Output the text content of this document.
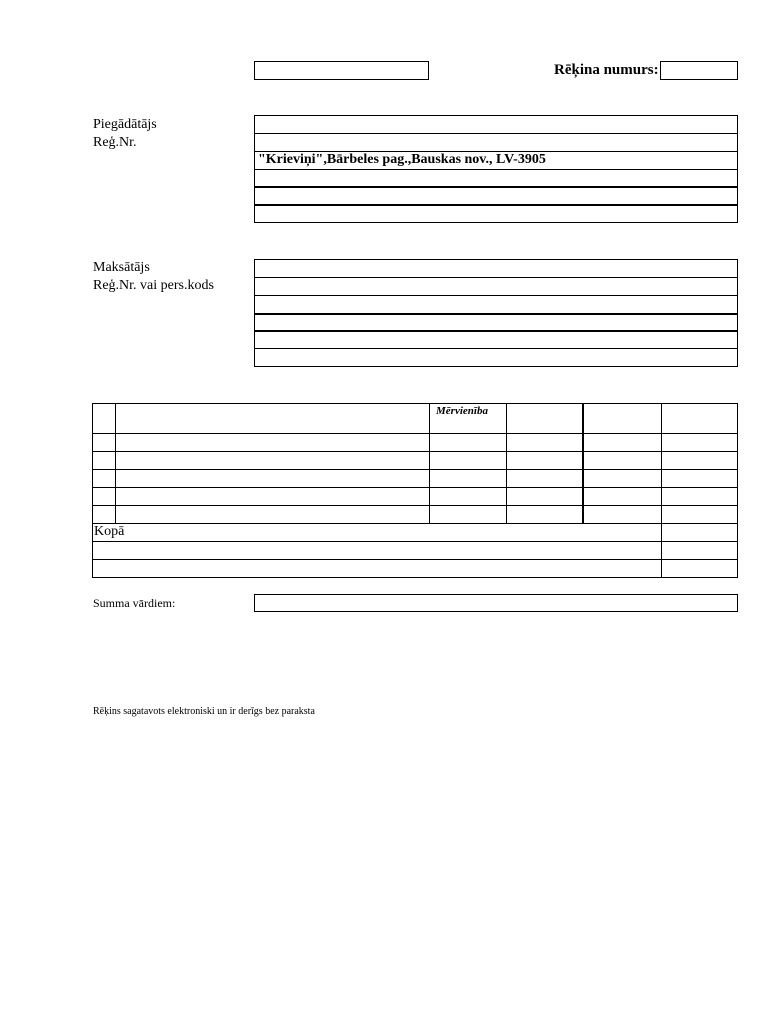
Rēķina numurs:
Piegādātājs
Reģ.Nr.
"Krieviņi",Bārbeles pag.,Bauskas nov., LV-3905
Maksātājs
Reģ.Nr. vai pers.kods
Mērvienība
Kopā
Summa vārdiem:
Rēķins sagatavots elektroniski un ir derīgs bez paraksta
